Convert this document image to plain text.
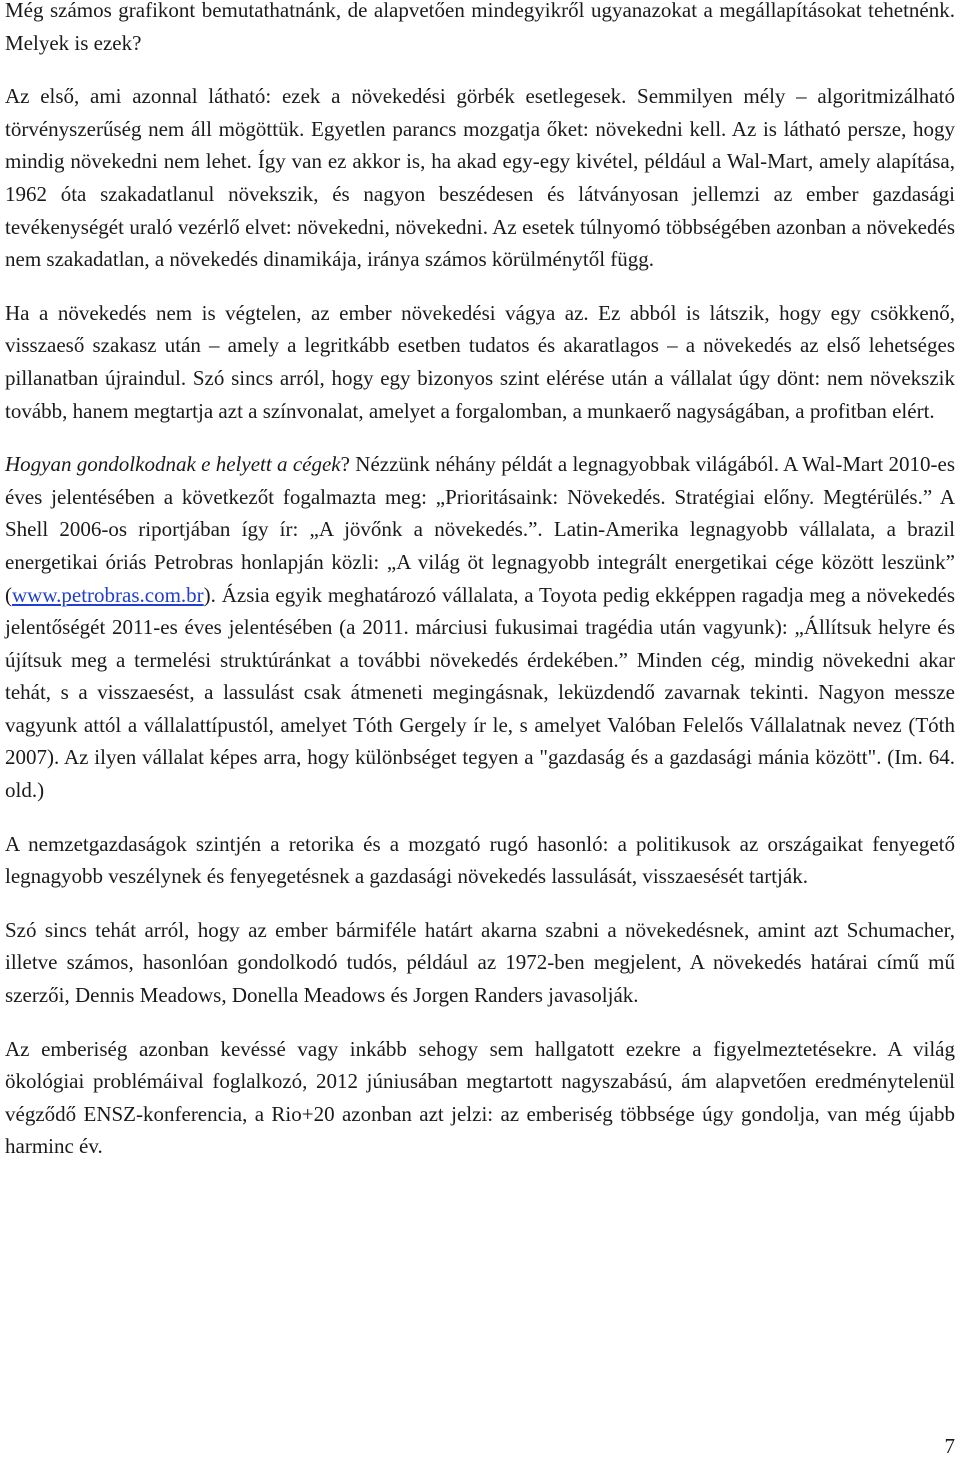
Még számos grafikont bemutathatnánk, de alapvetően mindegyikről ugyanazokat a megállapításokat tehetnénk. Melyek is ezek?

Az első, ami azonnal látható: ezek a növekedési görbék esetlegesek. Semmilyen mély – algoritmizálható törvényszerűség nem áll mögöttük. Egyetlen parancs mozgatja őket: növekedni kell. Az is látható persze, hogy mindig növekedni nem lehet. Így van ez akkor is, ha akad egy-egy kivétel, például a Wal-Mart, amely alapítása, 1962 óta szakadatlanul növekszik, és nagyon beszédesen és látványosan jellemzi az ember gazdasági tevékenységét uraló vezérlő elvet: növekedni, növekedni. Az esetek túlnyomó többségében azonban a növekedés nem szakadatlan, a növekedés dinamikája, iránya számos körülménytől függ.

Ha a növekedés nem is végtelen, az ember növekedési vágya az. Ez abból is látszik, hogy egy csökkenő, visszaeső szakasz után – amely a legritkább esetben tudatos és akaratlagos – a növekedés az első lehetséges pillanatban újraindul. Szó sincs arról, hogy egy bizonyos szint elérése után a vállalat úgy dönt: nem növekszik tovább, hanem megtartja azt a színvonalat, amelyet a forgalomban, a munkaerő nagyságában, a profitban elért.

Hogyan gondolkodnak e helyett a cégek? Nézzünk néhány példát a legnagyobbak világából. A Wal-Mart 2010-es éves jelentésében a következőt fogalmazta meg: „Prioritásaink: Növekedés. Stratégiai előny. Megtérülés.” A Shell 2006-os riportjában így ír: „A jövőnk a növekedés.”. Latin-Amerika legnagyobb vállalata, a brazil energetikai óriás Petrobras honlapján közli: „A világ öt legnagyobb integrált energetikai cége között leszünk” (www.petrobras.com.br). Ázsia egyik meghatározó vállalata, a Toyota pedig ekképpen ragadja meg a növekedés jelentőségét 2011-es éves jelentésében (a 2011. márciusi fukusimai tragédia után vagyunk): „Állítsuk helyre és újítsuk meg a termelési struktúránkat a további növekedés érdekében.” Minden cég, mindig növekedni akar tehát, s a visszaesést, a lassulást csak átmeneti megingásnak, leküzdendő zavarnak tekinti. Nagyon messze vagyunk attól a vállalattípustól, amelyet Tóth Gergely ír le, s amelyet Valóban Felelős Vállalatnak nevez (Tóth 2007). Az ilyen vállalat képes arra, hogy különbséget tegyen a "gazdaság és a gazdasági mánia között". (Im. 64. old.)

A nemzetgazdaságok szintjén a retorika és a mozgató rugó hasonló: a politikusok az országaikat fenyegető legnagyobb veszélynek és fenyegetésnek a gazdasági növekedés lassulását, visszaesését tartják.

Szó sincs tehát arról, hogy az ember bármiféle határt akarna szabni a növekedésnek, amint azt Schumacher, illetve számos, hasonlóan gondolkodó tudós, például az 1972-ben megjelent, A növekedés határai című mű szerzői, Dennis Meadows, Donella Meadows és Jorgen Randers javasolják.

Az emberiség azonban kevéssé vagy inkább sehogy sem hallgatott ezekre a figyelmeztetésekre. A világ ökológiai problémáival foglalkozó, 2012 júniusában megtartott nagyszabású, ám alapvetően eredménytelenül végződő ENSZ-konferencia, a Rio+20 azonban azt jelzi: az emberiség többsége úgy gondolja, van még újabb harminc év.

7
